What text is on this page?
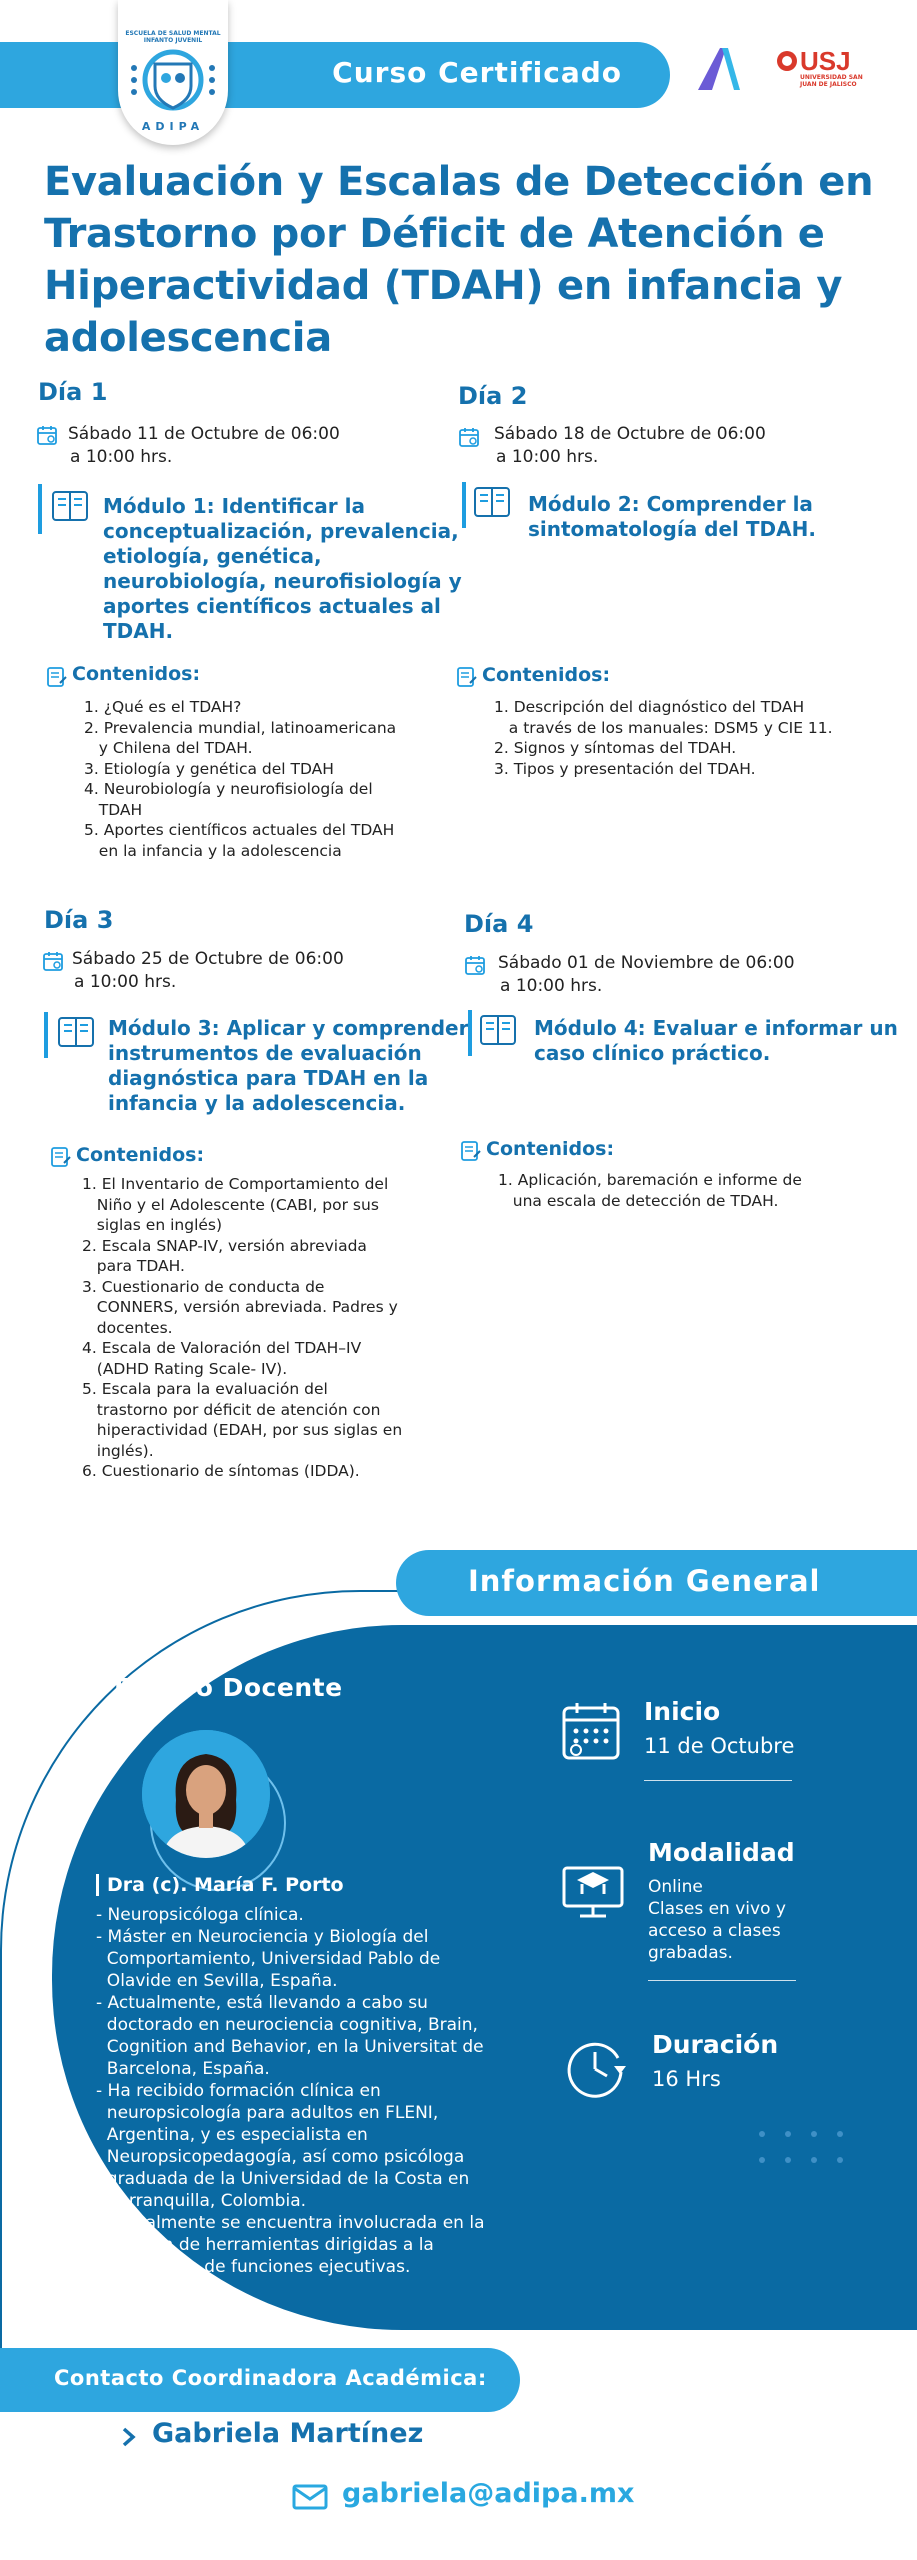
Curso Certificado
ESCUELA DE SALUD MENTAL
INFANTO JUVENIL
ADIPA
USJ
UNIVERSIDAD SAN JUAN DE JALISCO
Evaluación y Escalas de Detección en Trastorno por Déficit de Atención e Hiperactividad (TDAH) en infancia y adolescencia
Día 1
Sábado 11 de Octubre de 06:00
a 10:00 hrs.
Módulo 1: Identificar la
conceptualización, prevalencia,
etiología, genética,
neurobiología, neurofisiología y
aportes científicos actuales al
TDAH.
Contenidos:
1. ¿Qué es el TDAH?
2. Prevalencia mundial, latinoamericana
y Chilena del TDAH.
3. Etiología y genética del TDAH
4. Neurobiología y neurofisiología del
TDAH
5. Aportes científicos actuales del TDAH
en la infancia y la adolescencia
Día 2
Sábado 18 de Octubre de 06:00
a 10:00 hrs.
Módulo 2: Comprender la
sintomatología del TDAH.
Contenidos:
1. Descripción del diagnóstico del TDAH
a través de los manuales: DSM5 y CIE 11.
2. Signos y síntomas del TDAH.
3. Tipos y presentación del TDAH.
Día 3
Sábado 25 de Octubre de 06:00
a 10:00 hrs.
Módulo 3: Aplicar y comprender
instrumentos de evaluación
diagnóstica para TDAH en la
infancia y la adolescencia.
Contenidos:
1. El Inventario de Comportamiento del
Niño y el Adolescente (CABI, por sus
siglas en inglés)
2. Escala SNAP-IV, versión abreviada
para TDAH.
3. Cuestionario de conducta de
CONNERS, versión abreviada. Padres y
docentes.
4. Escala de Valoración del TDAH–IV
(ADHD Rating Scale- IV).
5. Escala para la evaluación del
trastorno por déficit de atención con
hiperactividad (EDAH, por sus siglas en
inglés).
6. Cuestionario de síntomas (IDDA).
Día 4
Sábado 01 de Noviembre de 06:00
a 10:00 hrs.
Módulo 4: Evaluar e informar un
caso clínico práctico.
Contenidos:
1. Aplicación, baremación e informe de
una escala de detección de TDAH.
Información General
Equipo Docente
Dra (c). María F. Porto
- Neuropsicóloga clínica.
- Máster en Neurociencia y Biología del
Comportamiento, Universidad Pablo de
Olavide en Sevilla, España.
- Actualmente, está llevando a cabo su
doctorado en neurociencia cognitiva, Brain,
Cognition and Behavior, en la Universitat de
Barcelona, España.
- Ha recibido formación clínica en
neuropsicología para adultos en FLENI,
Argentina, y es especialista en
Neuropsicopedagogía, así como psicóloga
graduada de la Universidad de la Costa en
Barranquilla, Colombia.
- Actualmente se encuentra involucrada en la
revisión de herramientas dirigidas a la
evaluación de funciones ejecutivas.
Inicio
11 de Octubre
Modalidad
Online
Clases en vivo y
acceso a clases
grabadas.
Duración
16 Hrs
Contacto Coordinadora Académica:
Gabriela Martínez
gabriela@adipa.mx
